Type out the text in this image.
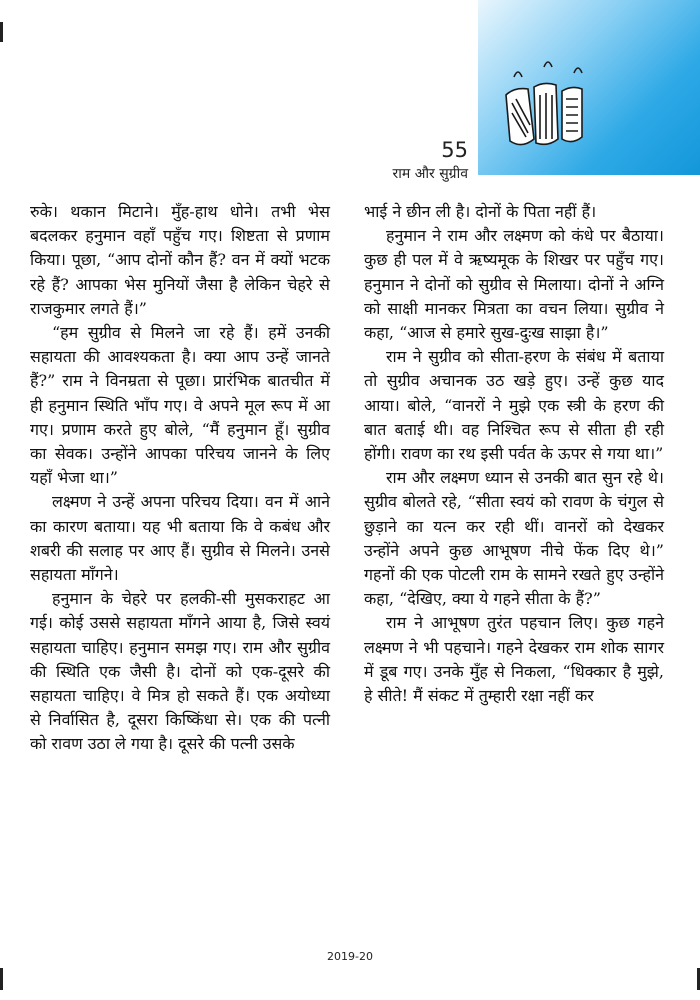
55
राम और सुग्रीव

रुके। थकान मिटाने। मुँह-हाथ धोने। तभी भेस बदलकर हनुमान वहाँ पहुँच गए। शिष्टता से प्रणाम किया। पूछा, “आप दोनों कौन हैं? वन में क्यों भटक रहे हैं? आपका भेस मुनियों जैसा है लेकिन चेहरे से राजकुमार लगते हैं।”

“हम सुग्रीव से मिलने जा रहे हैं। हमें उनकी सहायता की आवश्यकता है। क्या आप उन्हें जानते हैं?” राम ने विनम्रता से पूछा। प्रारंभिक बातचीत में ही हनुमान स्थिति भाँप गए। वे अपने मूल रूप में आ गए। प्रणाम करते हुए बोले, “मैं हनुमान हूँ। सुग्रीव का सेवक। उन्होंने आपका परिचय जानने के लिए यहाँ भेजा था।”

लक्ष्मण ने उन्हें अपना परिचय दिया। वन में आने का कारण बताया। यह भी बताया कि वे कबंध और शबरी की सलाह पर आए हैं। सुग्रीव से मिलने। उनसे सहायता माँगने।

हनुमान के चेहरे पर हलकी-सी मुसकराहट आ गई। कोई उससे सहायता माँगने आया है, जिसे स्वयं सहायता चाहिए। हनुमान समझ गए। राम और सुग्रीव की स्थिति एक जैसी है। दोनों को एक-दूसरे की सहायता चाहिए। वे मित्र हो सकते हैं। एक अयोध्या से निर्वासित है, दूसरा किष्किंधा से। एक की पत्नी को रावण उठा ले गया है। दूसरे की पत्नी उसके

भाई ने छीन ली है। दोनों के पिता नहीं हैं।

हनुमान ने राम और लक्ष्मण को कंधे पर बैठाया। कुछ ही पल में वे ऋष्यमूक के शिखर पर पहुँच गए। हनुमान ने दोनों को सुग्रीव से मिलाया। दोनों ने अग्नि को साक्षी मानकर मित्रता का वचन लिया। सुग्रीव ने कहा, “आज से हमारे सुख-दुःख साझा है।”

राम ने सुग्रीव को सीता-हरण के संबंध में बताया तो सुग्रीव अचानक उठ खड़े हुए। उन्हें कुछ याद आया। बोले, “वानरों ने मुझे एक स्त्री के हरण की बात बताई थी। वह निश्चित रूप से सीता ही रही होंगी। रावण का रथ इसी पर्वत के ऊपर से गया था।”

राम और लक्ष्मण ध्यान से उनकी बात सुन रहे थे। सुग्रीव बोलते रहे, “सीता स्वयं को रावण के चंगुल से छुड़ाने का यत्न कर रही थीं। वानरों को देखकर उन्होंने अपने कुछ आभूषण नीचे फेंक दिए थे।” गहनों की एक पोटली राम के सामने रखते हुए उन्होंने कहा, “देखिए, क्या ये गहने सीता के हैं?”

राम ने आभूषण तुरंत पहचान लिए। कुछ गहने लक्ष्मण ने भी पहचाने। गहने देखकर राम शोक सागर में डूब गए। उनके मुँह से निकला, “धिक्कार है मुझे, हे सीते! मैं संकट में तुम्हारी रक्षा नहीं कर

2019-20
